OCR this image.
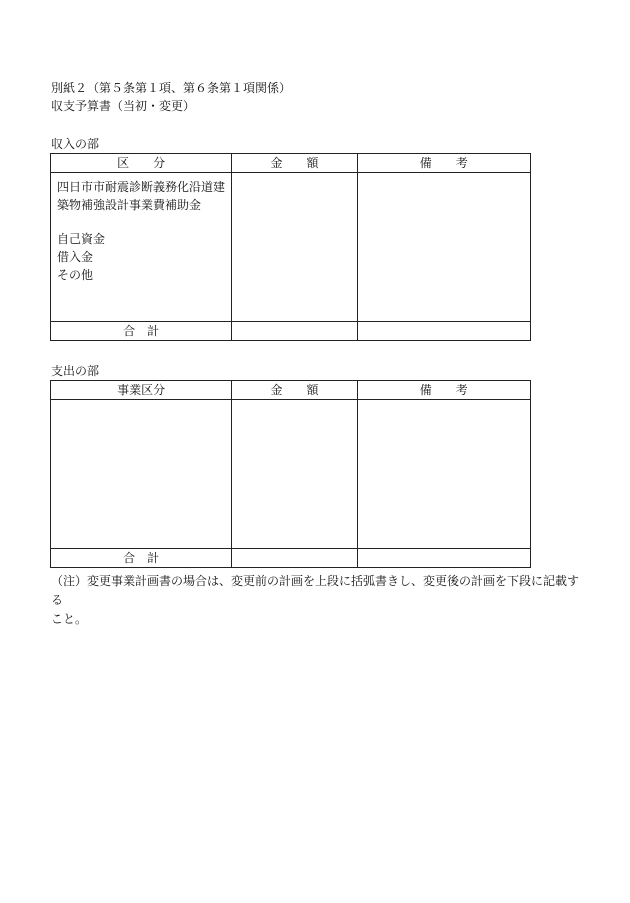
別紙２（第５条第１項、第６条第１項関係）
収支予算書（当初・変更）
収入の部
区　　分	金　　額	備　　考

四日市市耐震診断義務化沿道建築物補強設計事業費補助金
自己資金
借入金
その他		

合　計		
支出の部
事業区分	金　　額	備　　考

合　計		
（注）変更事業計画書の場合は、変更前の計画を上段に括弧書きし、変更後の計画を下段に記載する
こと。
